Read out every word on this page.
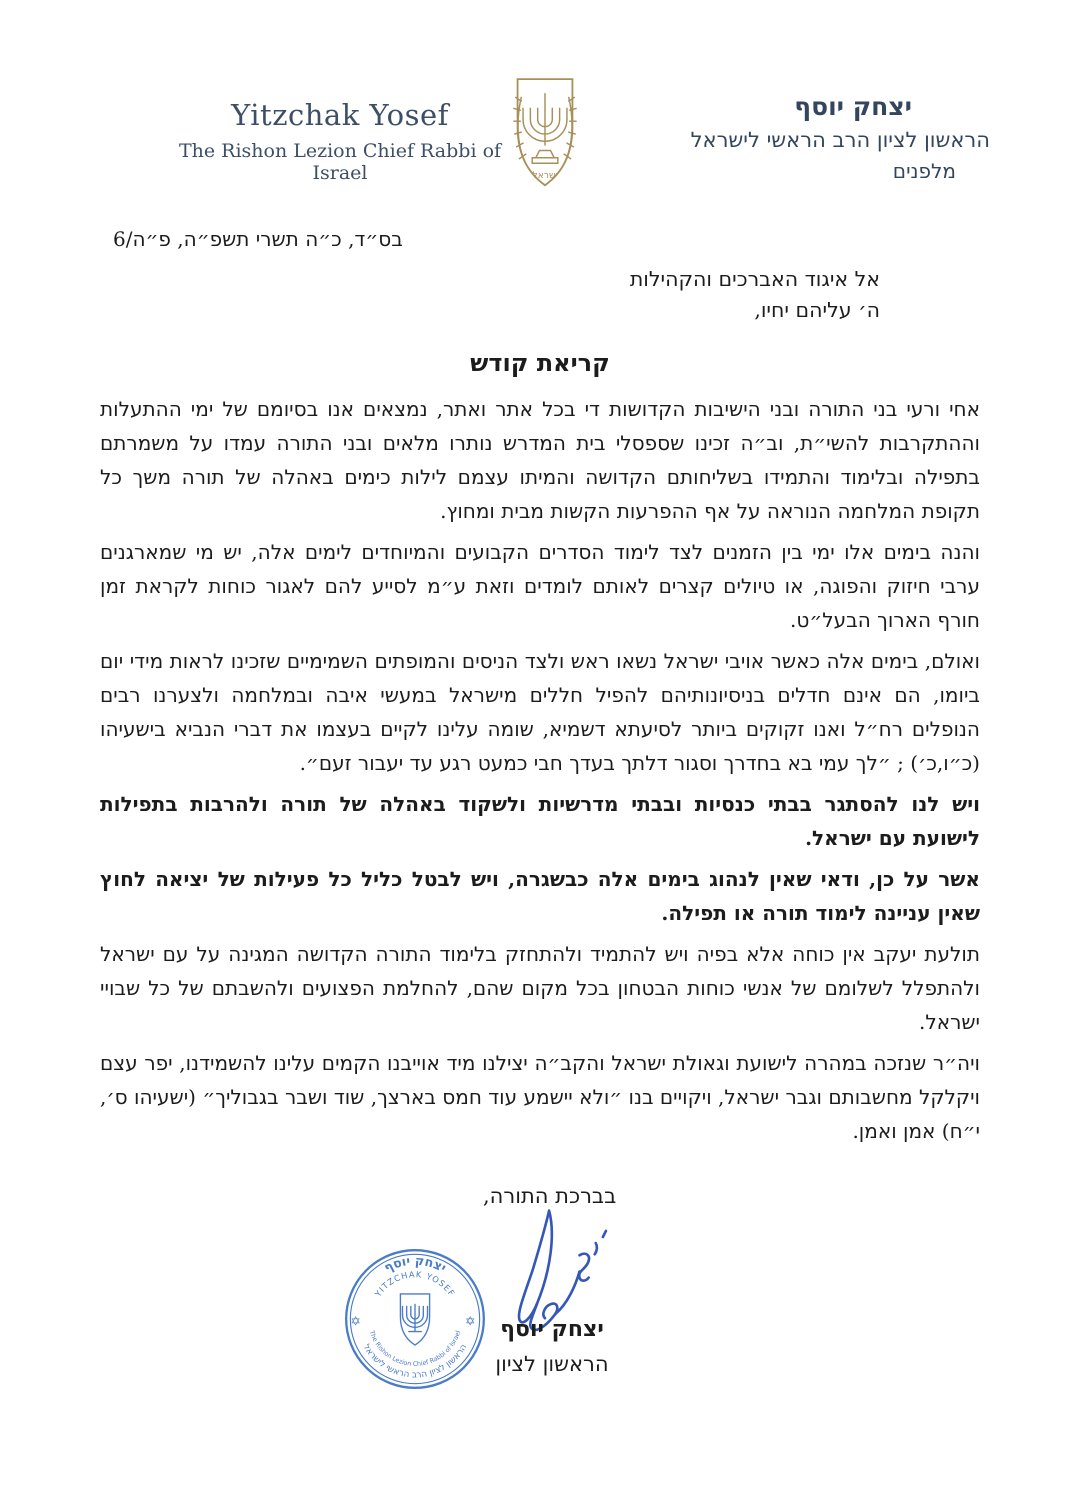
Yitzchak Yosef
The Rishon Lezion Chief Rabbi of Israel	ישראל
יצחק יוסף
הראשון לציון הרב הראשי לישראל
מלפנים
בס״ד, כ״ה תשרי תשפ״ה, פ״ה/6
אל איגוד האברכים והקהילות
ה׳ עליהם יחיו,
קריאת קודש

אחי ורעי בני התורה ובני הישיבות הקדושות די בכל אתר ואתר, נמצאים אנו בסיומם של ימי ההתעלות וההתקרבות להשי״ת, וב״ה זכינו שספסלי בית המדרש נותרו מלאים ובני התורה עמדו על משמרתם בתפילה ובלימוד והתמידו בשליחותם הקדושה והמיתו עצמם לילות כימים באהלה של תורה משך כל תקופת המלחמה הנוראה על אף ההפרעות הקשות מבית ומחוץ.

והנה בימים אלו ימי בין הזמנים לצד לימוד הסדרים הקבועים והמיוחדים לימים אלה, יש מי שמארגנים ערבי חיזוק והפוגה, או טיולים קצרים לאותם לומדים וזאת ע״מ לסייע להם לאגור כוחות לקראת זמן חורף הארוך הבעל״ט.

ואולם, בימים אלה כאשר אויבי ישראל נשאו ראש ולצד הניסים והמופתים השמימיים שזכינו לראות מידי יום ביומו, הם אינם חדלים בניסיונותיהם להפיל חללים מישראל במעשי איבה ובמלחמה ולצערנו רבים הנופלים רח״ל ואנו זקוקים ביותר לסיעתא דשמיא, שומה עלינו לקיים בעצמו את דברי הנביא בישעיהו (כ״ו,כ׳) ; ״לך עמי בא בחדרך וסגור דלתך בעדך חבי כמעט רגע עד יעבור זעם״.

ויש לנו להסתגר בבתי כנסיות ובבתי מדרשיות ולשקוד באהלה של תורה ולהרבות בתפילות לישועת עם ישראל.

אשר על כן, ודאי שאין לנהוג בימים אלה כבשגרה, ויש לבטל כליל כל פעילות של יציאה לחוץ שאין עניינה לימוד תורה או תפילה.

תולעת יעקב אין כוחה אלא בפיה ויש להתמיד ולהתחזק בלימוד התורה הקדושה המגינה על עם ישראל ולהתפלל לשלומם של אנשי כוחות הבטחון בכל מקום שהם, להחלמת הפצועים ולהשבתם של כל שבויי ישראל.

ויה״ר שנזכה במהרה לישועת וגאולת ישראל והקב״ה יצילנו מיד אוייבנו הקמים עלינו להשמידנו, יפר עצם ויקלקל מחשבותם וגבר ישראל, ויקויים בנו ״ולא יישמע עוד חמס בארצך, שוד ושבר בגבוליך״ (ישעיהו ס׳, י״ח) אמן ואמן.

בברכת התורה,
יצחק יוסף
YITZCHAK YOSEF
The Rishon Lezion Chief Rabbi of Israel
הראשון לציון הרב הראשי לישראל
✡	✡	יצחק יוסף
הראשון לציון
